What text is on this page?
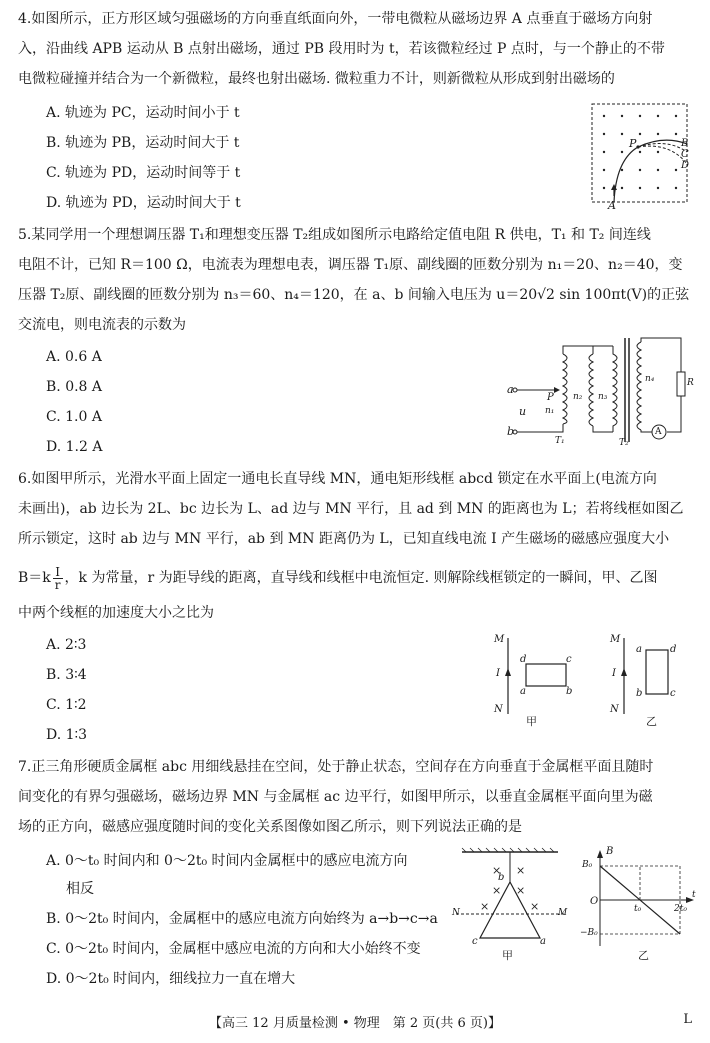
4.如图所示，正方形区域匀强磁场的方向垂直纸面向外，一带电微粒从磁场边界 A 点垂直于磁场方向射
入，沿曲线 APB 运动从 B 点射出磁场，通过 PB 段用时为 t，若该微粒经过 P 点时，与一个静止的不带
电微粒碰撞并结合为一个新微粒，最终也射出磁场. 微粒重力不计，则新微粒从形成到射出磁场的
A. 轨迹为 PC，运动时间小于 t
B. 轨迹为 PB，运动时间大于 t
C. 轨迹为 PD，运动时间等于 t
D. 轨迹为 PD，运动时间大于 t	A
P	B
C
D
5.某同学用一个理想调压器 T₁和理想变压器 T₂组成如图所示电路给定值电阻 R 供电，T₁ 和 T₂ 间连线
电阻不计，已知 R＝100 Ω，电流表为理想电表，调压器 T₁原、副线圈的匝数分别为 n₁＝20、n₂＝40，变
压器 T₂原、副线圈的匝数分别为 n₃＝60、n₄＝120，在 a、b 间输入电压为 u＝20√2 sin 100πt(V)的正弦
交流电，则电流表的示数为
A. 0.6 A
B. 0.8 A
C. 1.0 A
D. 1.2 A
a
b
u
P
n₁
n₂ n₃
n₄	R
A
T₁	T₂
6.如图甲所示，光滑水平面上固定一通电长直导线 MN，通电矩形线框 abcd 锁定在水平面上(电流方向
未画出)，ab 边长为 2L、bc 边长为 L、ad 边与 MN 平行，且 ad 到 MN 的距离也为 L；若将线框如图乙
所示锁定，这时 ab 边与 MN 平行，ab 到 MN 距离仍为 L，已知直线电流 I 产生磁场的磁感应强度大小
$B=k \frac{I}{r}$ ，k 为常量，r 为距导线的距离，直导线和线框中电流恒定. 则解除线框锁定的一瞬间，甲、乙图
中两个线框的加速度大小之比为
A. 2∶3
B. 3∶4
C. 1∶2
D. 1∶3
M
N
I
d	c
a	b
甲
M
N
I
a	d
b	c
乙
7.正三角形硬质金属框 abc 用细线悬挂在空间，处于静止状态，空间存在方向垂直于金属框平面且随时
间变化的有界匀强磁场，磁场边界 MN 与金属框 ac 边平行，如图甲所示，以垂直金属框平面向里为磁
场的正方向，磁感应强度随时间的变化关系图像如图乙所示，则下列说法正确的是
A. 0～t₀ 时间内和 0～2t₀ 时间内金属框中的感应电流方向
相反
B. 0～2t₀ 时间内，金属框中的感应电流方向始终为 a→b→c→a
C. 0～2t₀ 时间内，金属框中感应电流的方向和大小始终不变
D. 0～2t₀ 时间内，细线拉力一直在增大
× ×
× ×
×	×
b
N	M
c	a
甲
B
B₀
−B₀
O
t₀	2t₀
t
乙
【高三 12 月质量检测 • 物理　第 2 页(共 6 页)】	L
